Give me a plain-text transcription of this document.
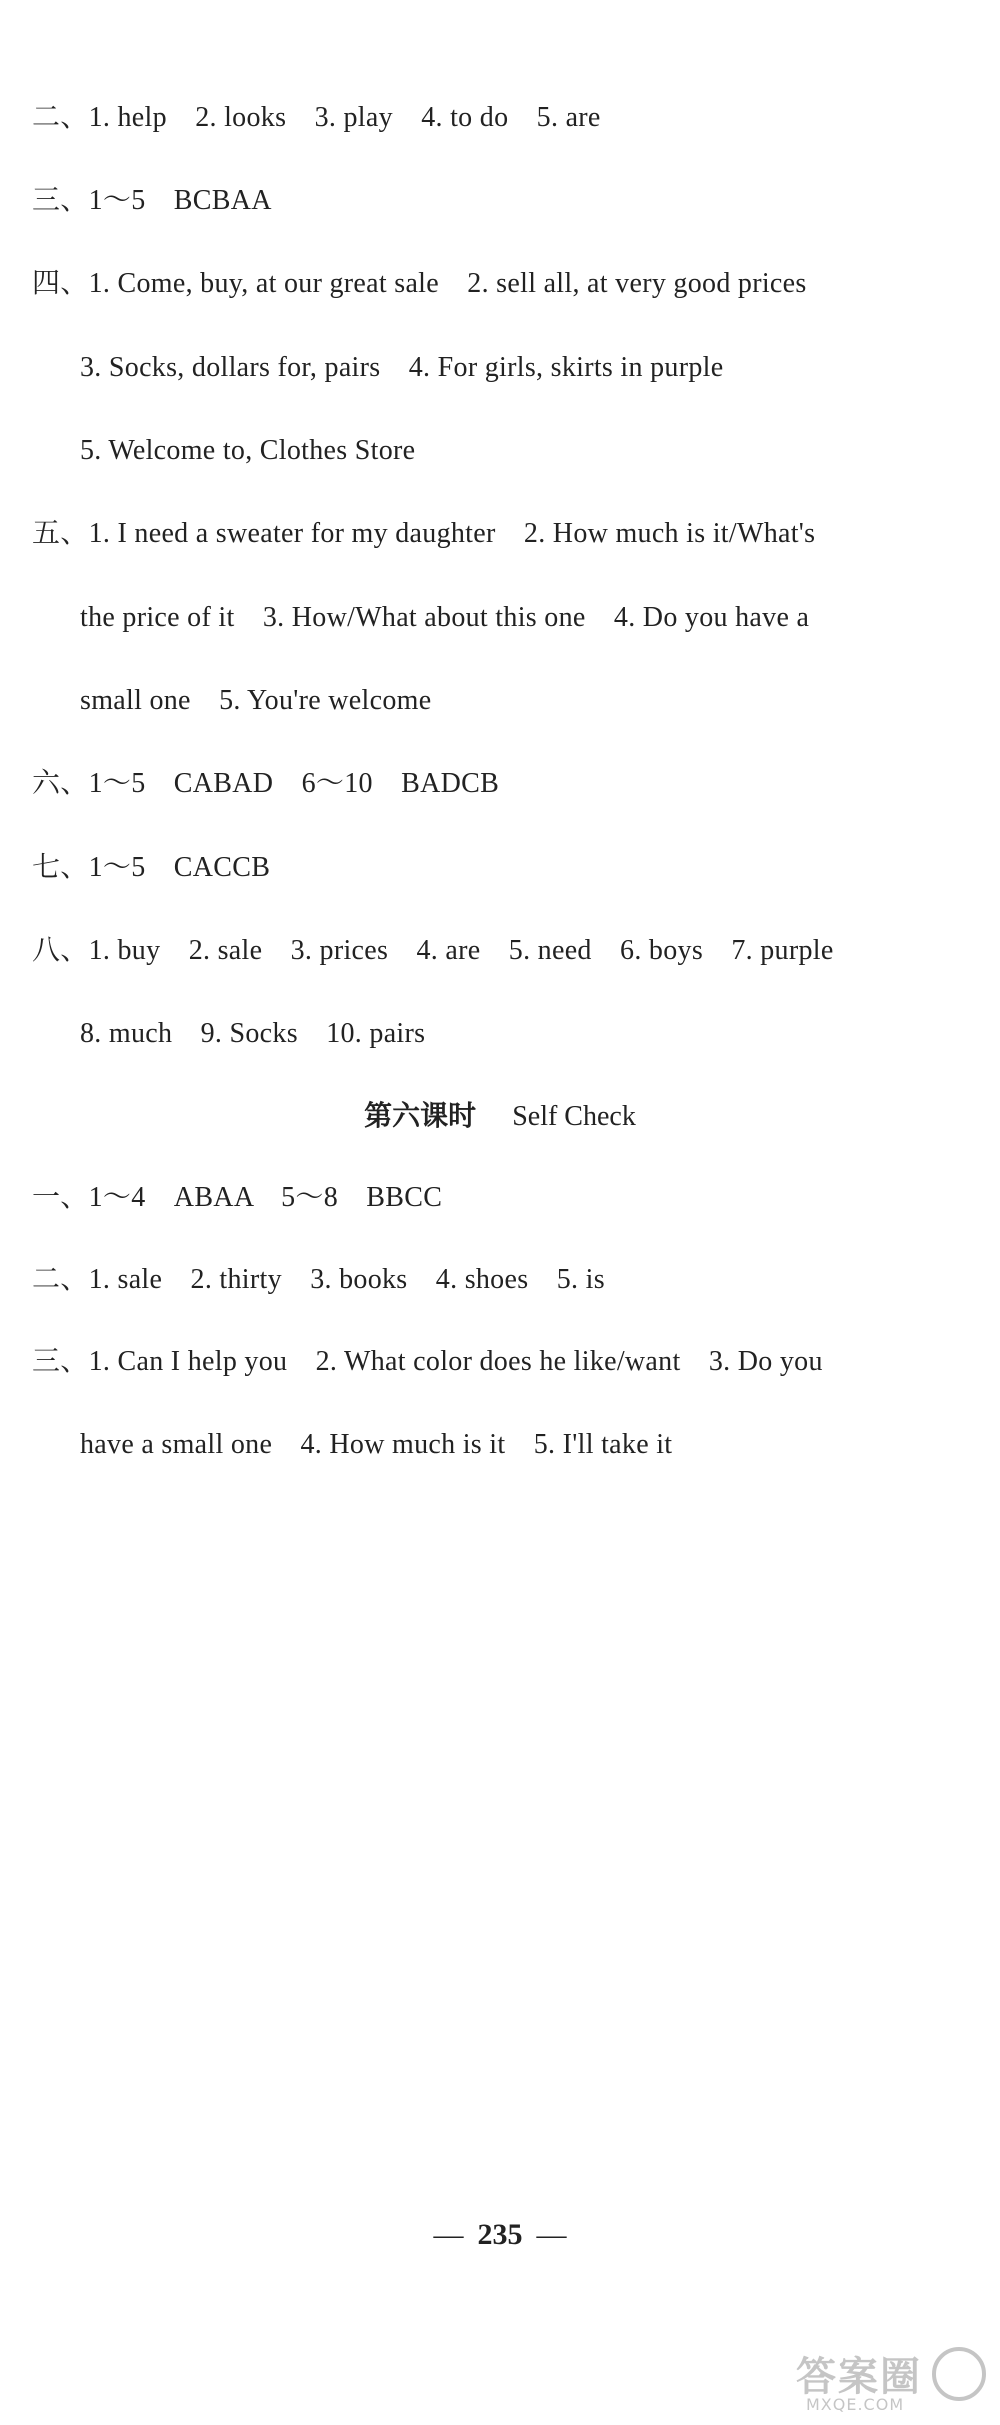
二、1. help　2. looks　3. play　4. to do　5. are
三、1～5　BCBAA
四、1. Come, buy, at our great sale　2. sell all, at very good prices
3. Socks, dollars for, pairs　4. For girls, skirts in purple
5. Welcome to, Clothes Store
五、1. I need a sweater for my daughter　2. How much is it/What's
the price of it　3. How/What about this one　4. Do you have a
small one　5. You're welcome
六、1～5　CABAD　6～10　BADCB
七、1～5　CACCB
八、1. buy　2. sale　3. prices　4. are　5. need　6. boys　7. purple
8. much　9. Socks　10. pairs
第六课时 Self Check
一、1～4　ABAA　5～8　BBCC
二、1. sale　2. thirty　3. books　4. shoes　5. is
三、1. Can I help you　2. What color does he like/want　3. Do you
have a small one　4. How much is it　5. I'll take it
— 235 —
答案圈
MXQE.COM
